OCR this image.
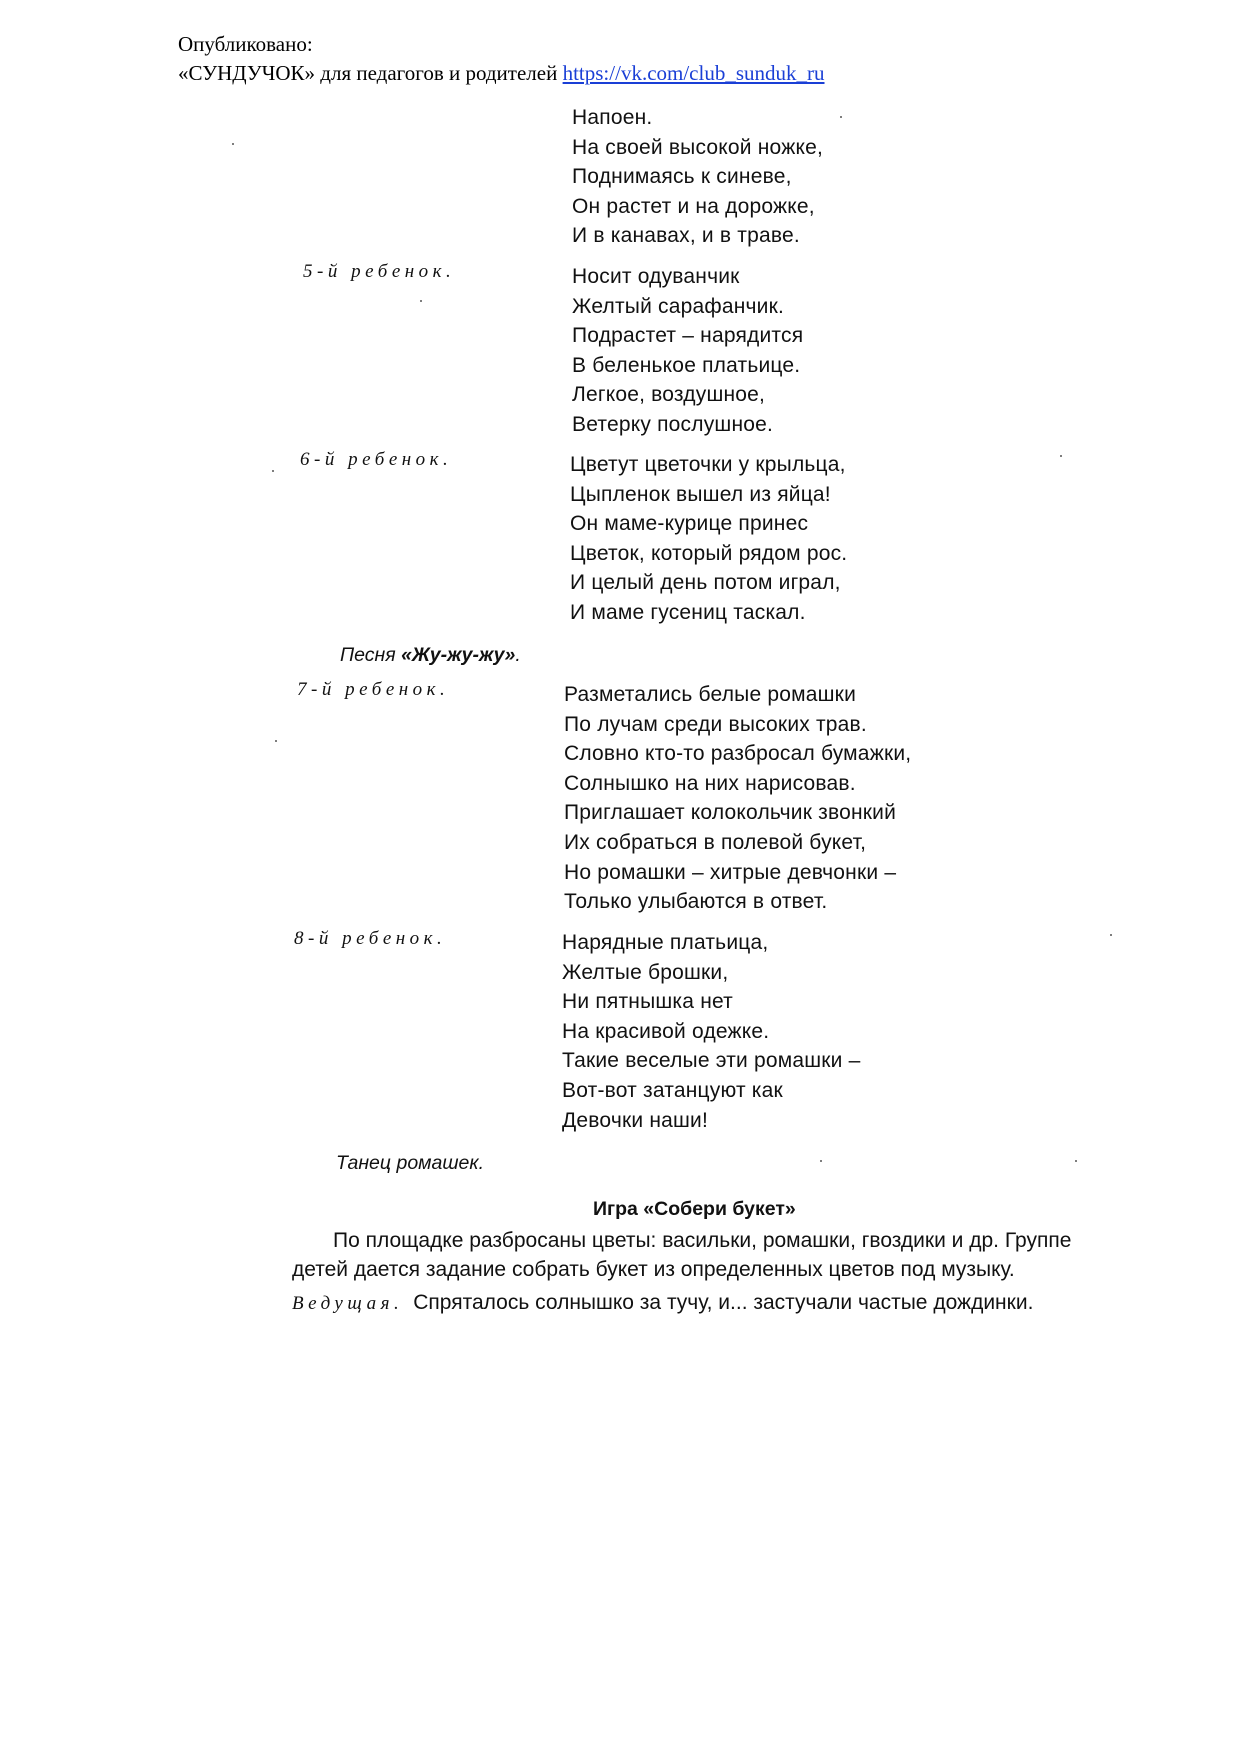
Опубликовано:
«СУНДУЧОК» для педагогов и родителей https://vk.com/club_sunduk_ru
Напоен.
На своей высокой ножке,
Поднимаясь к синеве,
Он растет и на дорожке,
И в канавах, и в траве.
5-й ребенок.	Носит одуванчик
Желтый сарафанчик.
Подрастет – нарядится
В беленькое платьице.
Легкое, воздушное,
Ветерку послушное.
6-й ребенок.	Цветут цветочки у крыльца,
Цыпленок вышел из яйца!
Он маме-курице принес
Цветок, который рядом рос.
И целый день потом играл,
И маме гусениц таскал.
Песня «Жу-жу-жу».
7-й ребенок.	Разметались белые ромашки
По лучам среди высоких трав.
Словно кто-то разбросал бумажки,
Солнышко на них нарисовав.
Приглашает колокольчик звонкий
Их собраться в полевой букет,
Но ромашки – хитрые девчонки –
Только улыбаются в ответ.
8-й ребенок.	Нарядные платьица,
Желтые брошки,
Ни пятнышка нет
На красивой одежке.
Такие веселые эти ромашки –
Вот-вот затанцуют как
Девочки наши!
Танец ромашек.
Игра «Собери букет»
По площадке разбросаны цветы: васильки, ромашки, гвоздики и др. Группе детей дается задание собрать букет из определенных цветов под музыку.
Ведущая. Спряталось солнышко за тучу, и... застучали частые дождинки.
